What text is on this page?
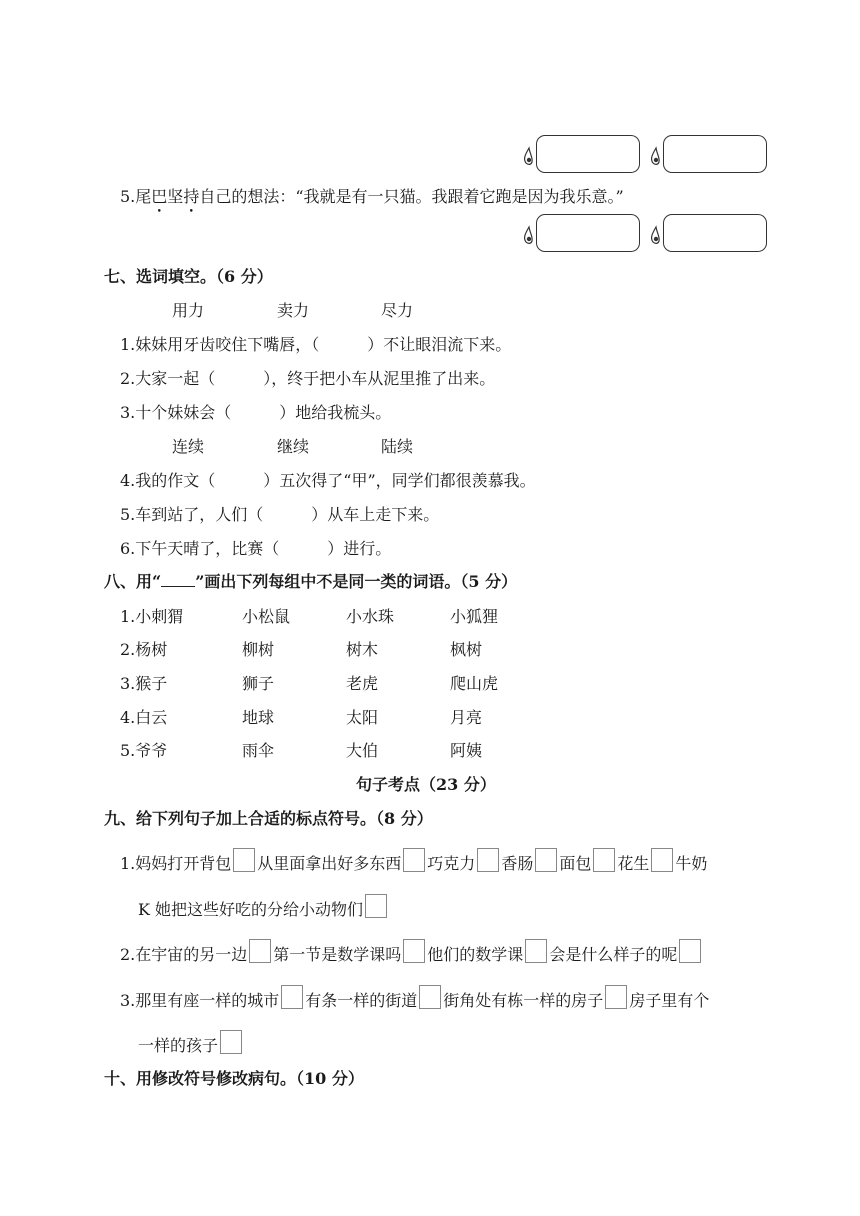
5.尾巴坚持自己的想法：“我就是有一只猫。我跟着它跑是因为我乐意。”
七、选词填空。（6 分）
用力	卖力	尽力
1.妹妹用牙齿咬住下嘴唇，（　　　）不让眼泪流下来。
2.大家一起（　　　），终于把小车从泥里推了出来。
3.十个妹妹会（　　　）地给我梳头。
连续	继续	陆续
4.我的作文（　　　）五次得了“甲”，同学们都很羡慕我。
5.车到站了，人们（　　　）从车上走下来。
6.下午天晴了，比赛（　　　）进行。
八、用“ ”画出下列每组中不是同一类的词语。（5 分）
1.小刺猬	小松鼠	小水珠	小狐狸
2.杨树	柳树	树木	枫树
3.猴子	狮子	老虎	爬山虎
4.白云	地球	太阳	月亮
5.爷爷	雨伞	大伯	阿姨
句子考点（23 分）
九、给下列句子加上合适的标点符号。（8 分）
1.妈妈打开背包 从里面拿出好多东西 巧克力 香肠 面包 花生 牛奶
K 她把这些好吃的分给小动物们
2.在宇宙的另一边 第一节是数学课吗 他们的数学课 会是什么样子的呢
3.那里有座一样的城市 有条一样的街道 街角处有栋一样的房子 房子里有个
一样的孩子
十、用修改符号修改病句。（10 分）
